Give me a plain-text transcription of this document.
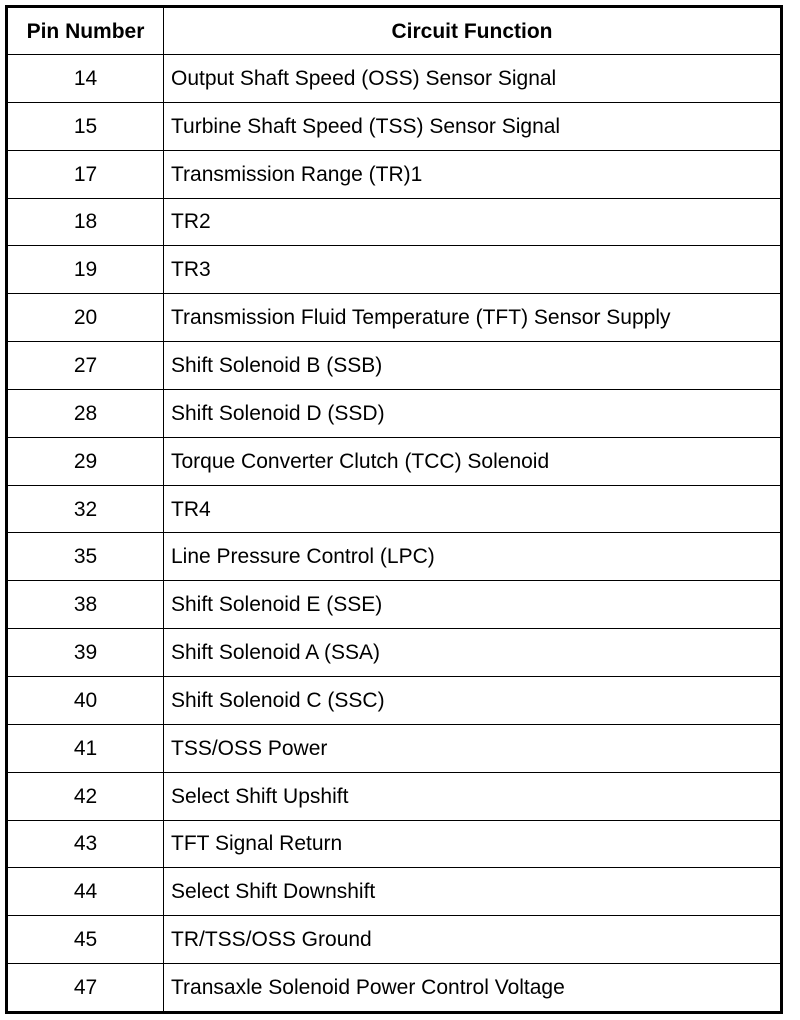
Pin Number	Circuit Function
14	Output Shaft Speed (OSS) Sensor Signal
15	Turbine Shaft Speed (TSS) Sensor Signal
17	Transmission Range (TR)1
18	TR2
19	TR3
20	Transmission Fluid Temperature (TFT) Sensor Supply
27	Shift Solenoid B (SSB)
28	Shift Solenoid D (SSD)
29	Torque Converter Clutch (TCC) Solenoid
32	TR4
35	Line Pressure Control (LPC)
38	Shift Solenoid E (SSE)
39	Shift Solenoid A (SSA)
40	Shift Solenoid C (SSC)
41	TSS/OSS Power
42	Select Shift Upshift
43	TFT Signal Return
44	Select Shift Downshift
45	TR/TSS/OSS Ground
47	Transaxle Solenoid Power Control Voltage
